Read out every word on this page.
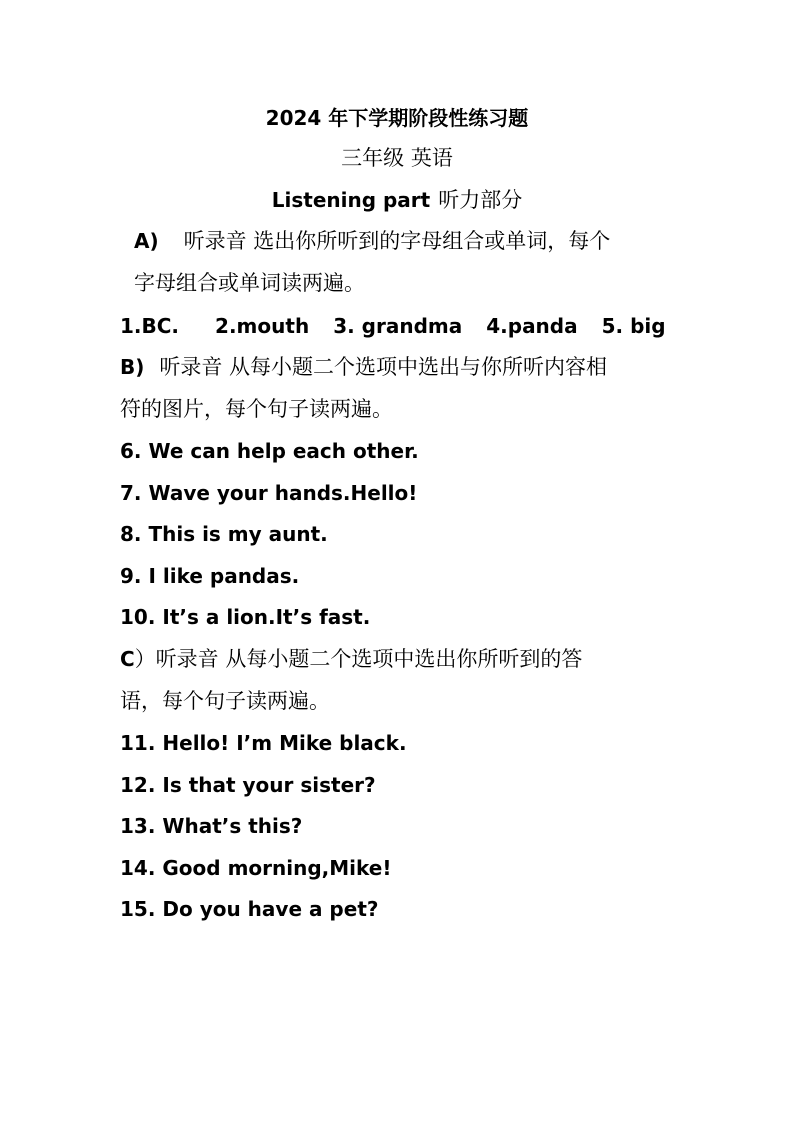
2024 年下学期阶段性练习题
三年级 英语
Listening part 听力部分
A) 听录音 选出你所听到的字母组合或单词，每个
字母组合或单词读两遍。
1.BC. 2.mouth 3. grandma 4.panda 5. big
B) 听录音 从每小题二个选项中选出与你所听内容相
符的图片，每个句子读两遍。
6. We can help each other.
7. Wave your hands.Hello!
8. This is my aunt.
9. I like pandas.
10. It’s a lion.It’s fast.
C）听录音 从每小题二个选项中选出你所听到的答
语，每个句子读两遍。
11. Hello! I’m Mike black.
12. Is that your sister?
13. What’s this?
14. Good morning,Mike!
15. Do you have a pet?
